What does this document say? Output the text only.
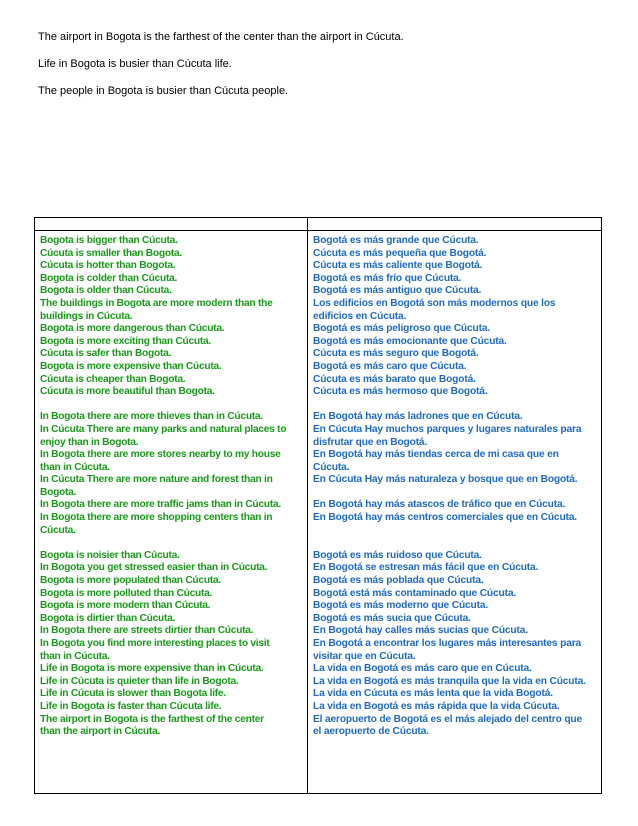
The airport in Bogota is the farthest of the center than the airport in Cúcuta.

Life in Bogota is busier than Cúcuta life.

The people in Bogota is busier than Cúcuta people.

Bogota is bigger than Cúcuta.
Cúcuta is smaller than Bogota.
Cúcuta is hotter than Bogota.
Bogota is colder than Cúcuta.
Bogota is older than Cúcuta.
The buildings in Bogota are more modern than the
buildings in Cúcuta.
Bogota is more dangerous than Cúcuta.
Bogota is more exciting than Cúcuta.
Cúcuta is safer than Bogota.
Bogota is more expensive than Cúcuta.
Cúcuta is cheaper than Bogota.
Cúcuta is more beautiful than Bogota.
In Bogota there are more thieves than in Cúcuta.
In Cúcuta There are many parks and natural places to
enjoy than in Bogota.
In Bogota there are more stores nearby to my house
than in Cúcuta.
In Cúcuta There are more nature and forest than in
Bogota.
In Bogota there are more traffic jams than in Cúcuta.
In Bogota there are more shopping centers than in
Cúcuta.
Bogota is noisier than Cúcuta.
In Bogota you get stressed easier than in Cúcuta.
Bogota is more populated than Cúcuta.
Bogota is more polluted than Cúcuta.
Bogota is more modern than Cúcuta.
Bogota is dirtier than Cúcuta.
In Bogota there are streets dirtier than Cúcuta.
In Bogota you find more interesting places to visit
than in Cúcuta.
Life in Bogota is more expensive than in Cúcuta.
Life in Cúcuta is quieter than life in Bogota.
Life in Cúcuta is slower than Bogota life.
Life in Bogota is faster than Cúcuta life.
The airport in Bogota is the farthest of the center
than the airport in Cúcuta.
Bogotá es más grande que Cúcuta.
Cúcuta es más pequeña que Bogotá.
Cúcuta es más caliente que Bogotá.
Bogotá es más frío que Cúcuta.
Bogotá es más antiguo que Cúcuta.
Los edificios en Bogotá son más modernos que los
edificios en Cúcuta.
Bogotá es más peligroso que Cúcuta.
Bogotá es más emocionante que Cúcuta.
Cúcuta es más seguro que Bogotá.
Bogotá es más caro que Cúcuta.
Cúcuta es más barato que Bogotá.
Cúcuta es más hermoso que Bogotá.
En Bogotá hay más ladrones que en Cúcuta.
En Cúcuta Hay muchos parques y lugares naturales para
disfrutar que en Bogotá.
En Bogotá hay más tiendas cerca de mi casa que en
Cúcuta.
En Cúcuta Hay más naturaleza y bosque que en Bogotá.
En Bogotá hay más atascos de tráfico que en Cúcuta.
En Bogotá hay más centros comerciales que en Cúcuta.
Bogotá es más ruidoso que Cúcuta.
En Bogotá se estresan más fácil que en Cúcuta.
Bogotá es más poblada que Cúcuta.
Bogotá está más contaminado que Cúcuta.
Bogotá es más moderno que Cúcuta.
Bogotá es más sucia que Cúcuta.
En Bogotá hay calles más sucias que Cúcuta.
En Bogotá a encontrar los lugares más interesantes para
visitar que en Cúcuta.
La vida en Bogotá es más caro que en Cúcuta.
La vida en Bogotá es más tranquila que la vida en Cúcuta.
La vida en Cúcuta es más lenta que la vida Bogotá.
La vida en Bogotá es más rápida que la vida Cúcuta.
El aeropuerto de Bogotá es el más alejado del centro que
el aeropuerto de Cúcuta.
